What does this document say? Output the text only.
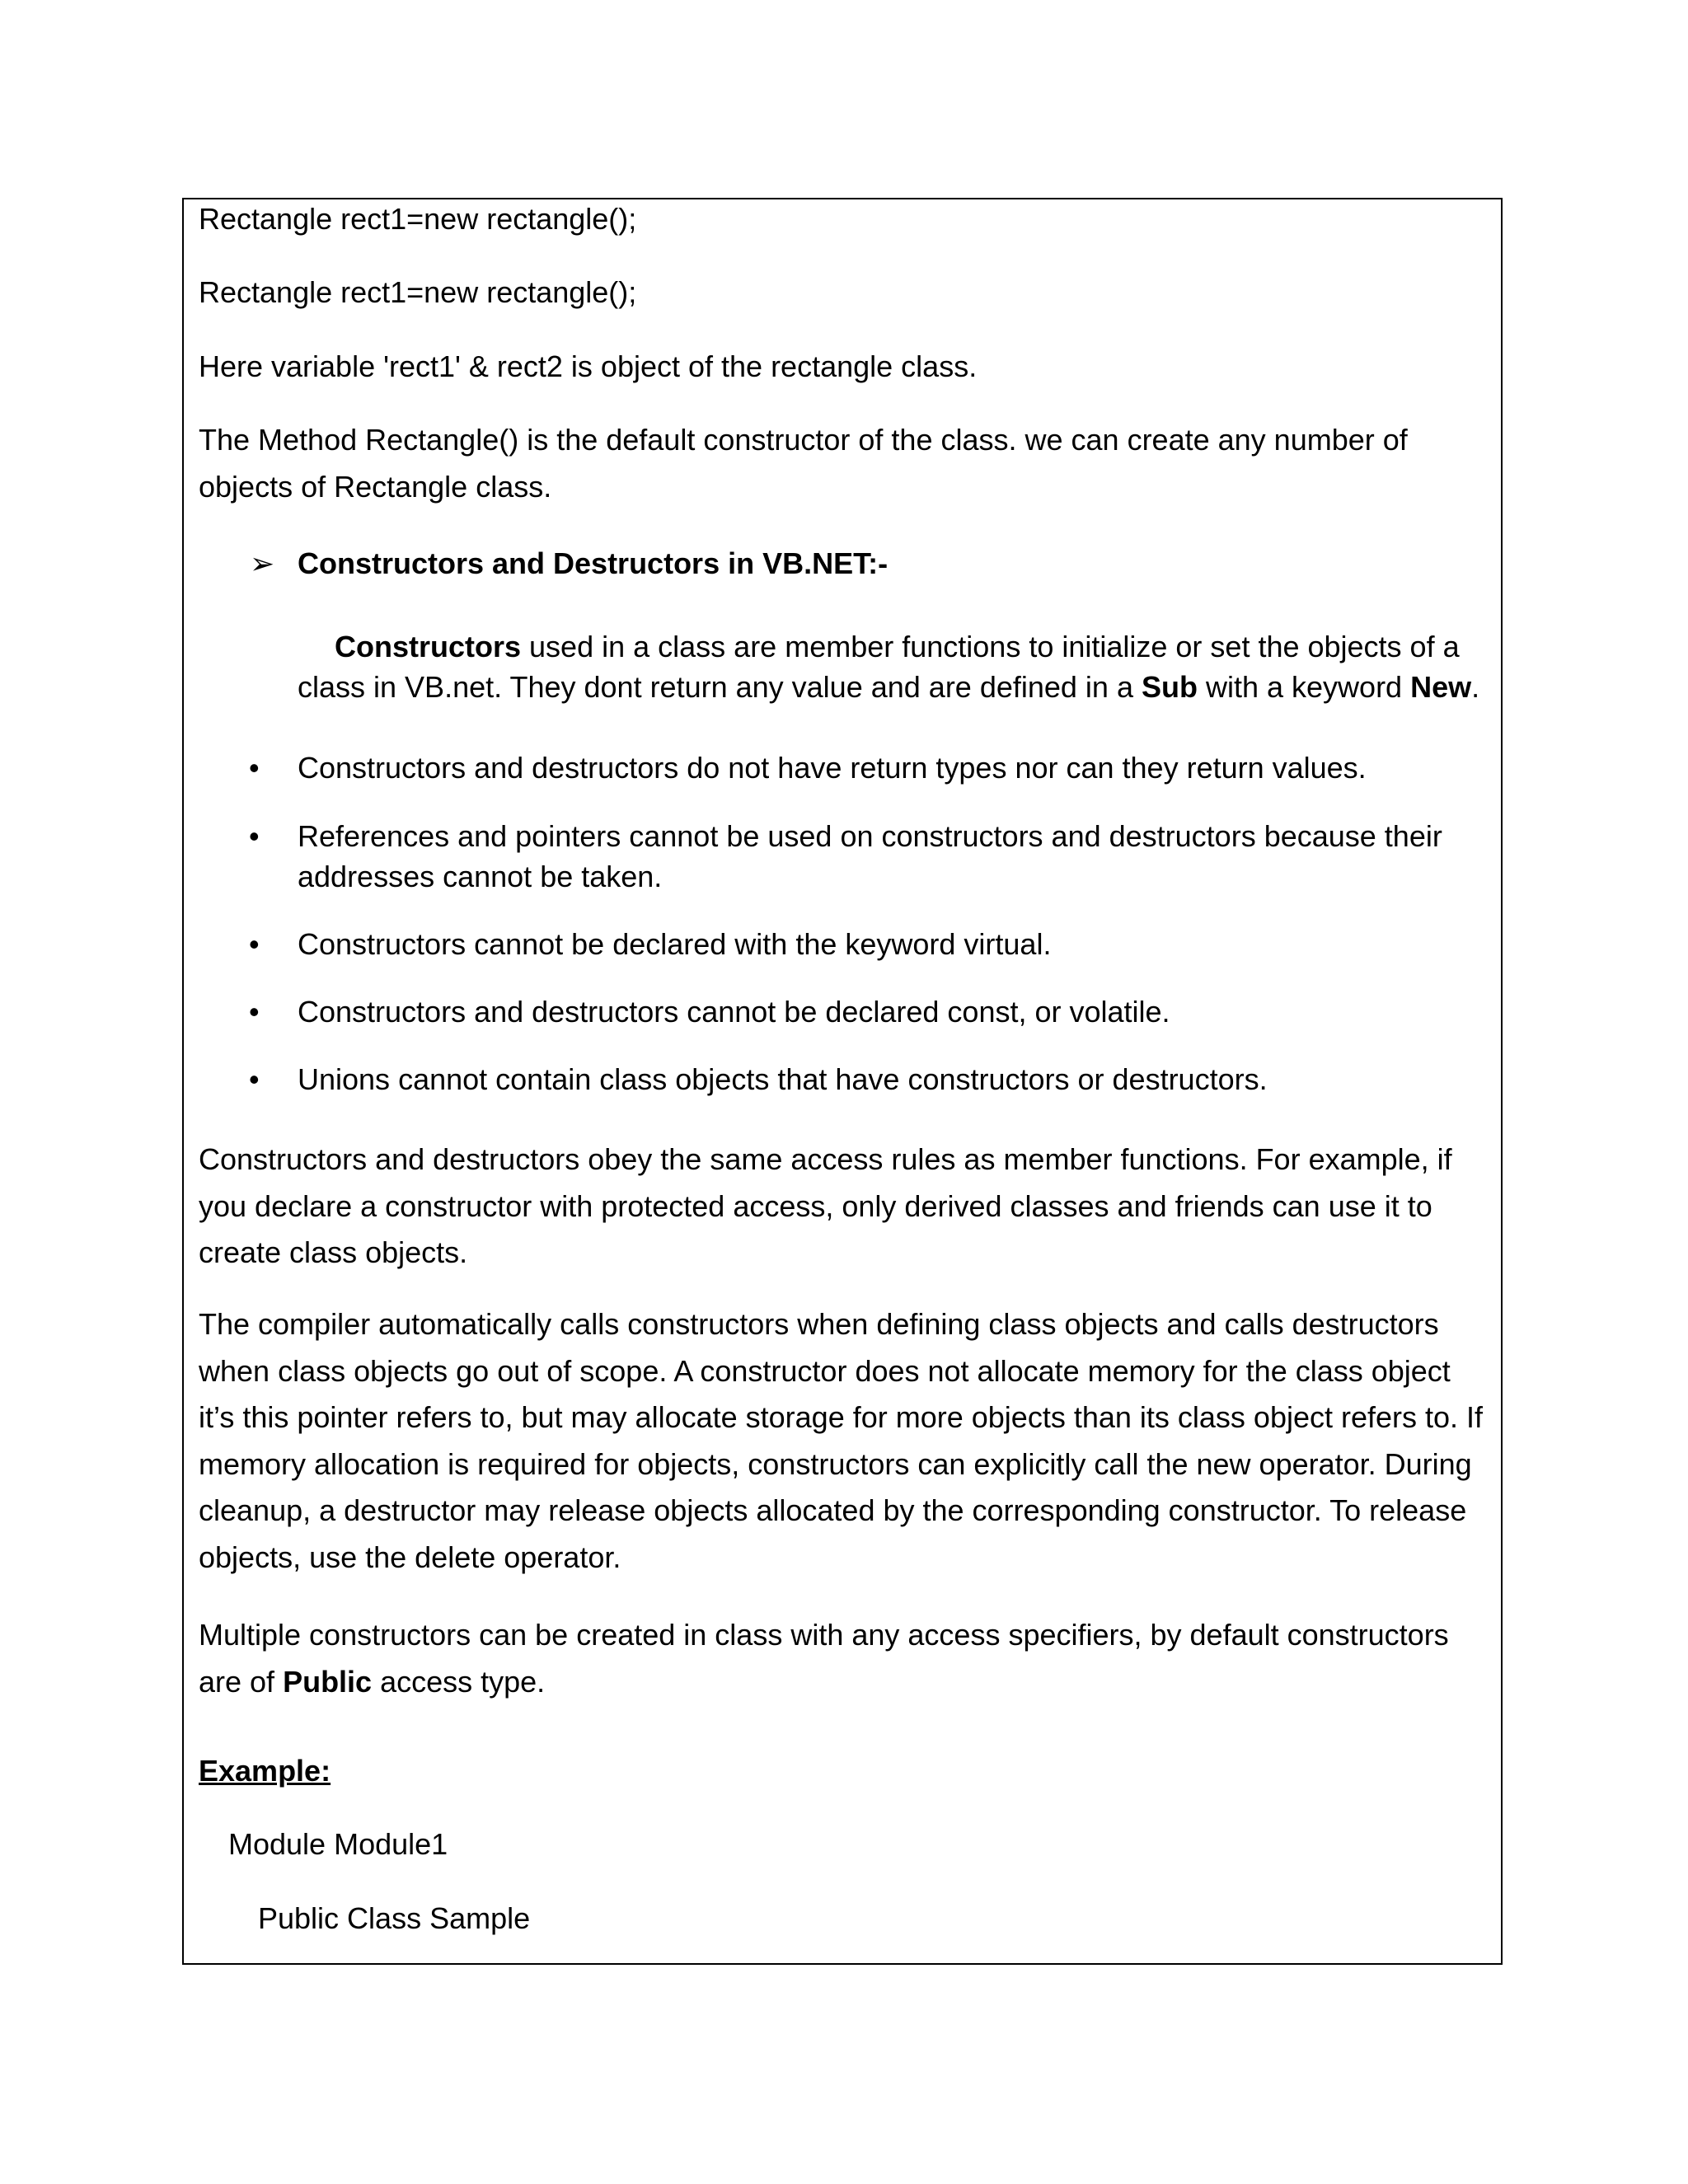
Rectangle rect1=new rectangle();
Rectangle rect1=new rectangle();
Here variable 'rect1' & rect2 is object of the rectangle class.
The Method Rectangle() is the default constructor of the class. we can create any number of objects of Rectangle class.
➢ Constructors and Destructors in VB.NET:-
Constructors used in a class are member functions to initialize or set the objects of a class in VB.net. They dont return any value and are defined in a Sub with a keyword New.
• Constructors and destructors do not have return types nor can they return values.
• References and pointers cannot be used on constructors and destructors because their addresses cannot be taken.
• Constructors cannot be declared with the keyword virtual.
• Constructors and destructors cannot be declared const, or volatile.
• Unions cannot contain class objects that have constructors or destructors.
Constructors and destructors obey the same access rules as member functions. For example, if you declare a constructor with protected access, only derived classes and friends can use it to create class objects.
The compiler automatically calls constructors when defining class objects and calls destructors when class objects go out of scope. A constructor does not allocate memory for the class object it’s this pointer refers to, but may allocate storage for more objects than its class object refers to. If memory allocation is required for objects, constructors can explicitly call the new operator. During cleanup, a destructor may release objects allocated by the corresponding constructor. To release objects, use the delete operator.
Multiple constructors can be created in class with any access specifiers, by default constructors are of Public access type.
Example:
Module Module1
Public Class Sample
